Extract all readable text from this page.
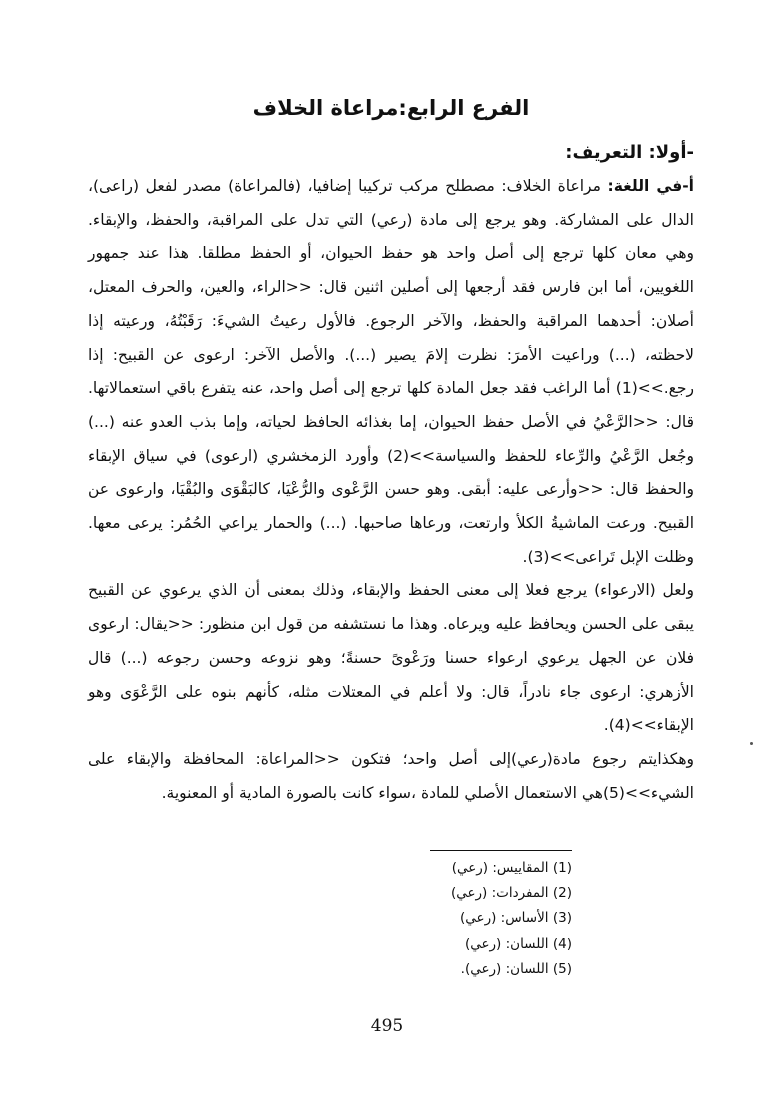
الفرع الرابع:مراعاة الخلاف
-أولا: التعريف:

أ-في اللغة: مراعاة الخلاف: مصطلح مركب تركيبا إضافيا، (فالمراعاة) مصدر لفعل (راعى)، الدال على المشاركة. وهو يرجع إلى مادة (رعي) التي تدل على المراقبة، والحفظ، والإبقاء. وهي معان كلها ترجع إلى أصل واحد هو حفظ الحيوان، أو الحفظ مطلقا. هذا عند جمهور اللغويين، أما ابن فارس فقد أرجعها إلى أصلين اثنين قال: <<الراء، والعين، والحرف المعتل، أصلان: أحدهما المراقبة والحفظ، والآخر الرجوع. فالأول رعيتُ الشيءَ: رَقَبْتُهُ، ورعيته إذا لاحظته، (...) وراعيت الأمرَ: نظرت إلامَ يصير (...). والأصل الآخر: ارعوى عن القبيح: إذا رجع.>>(1) أما الراغب فقد جعل المادة كلها ترجع إلى أصل واحد، عنه يتفرع باقي استعمالاتها. قال: <<الرَّعْيُ في الأصل حفظ الحيوان، إما بغذائه الحافظ لحياته، وإما بذب العدو عنه (...) وجُعل الرَّعْيُ والرِّعاء للحفظ والسياسة>>(2) وأورد الزمخشري (ارعوى) في سياق الإبقاء والحفظ قال: <<وأرعى عليه: أبقى. وهو حسن الرَّعْوى والرُّعْيَا، كالبَقْوَى والبُقْيَا، وارعوى عن القبيح. ورعت الماشيةُ الكلأ وارتعت، ورعاها صاحبها. (...) والحمار يراعي الحُمُر: يرعى معها. وظلت الإبل تَراعى>>(3).

ولعل (الارعواء) يرجع فعلا إلى معنى الحفظ والإبقاء، وذلك بمعنى أن الذي يرعوي عن القبيح يبقى على الحسن ويحافظ عليه ويرعاه. وهذا ما نستشفه من قول ابن منظور: <<يقال: ارعوى فلان عن الجهل يرعوي ارعواء حسنا ورَعْوىً حسنةً؛ وهو نزوعه وحسن رجوعه (...) قال الأزهري: ارعوى جاء نادراً، قال: ولا أعلم في المعتلات مثله، كأنهم بنوه على الرَّعْوَى وهو الإبقاء>>(4).

وهكذايتم رجوع مادة(رعي)إلى أصل واحد؛ فتكون <<المراعاة: المحافظة والإبقاء على الشيء>>(5)هي الاستعمال الأصلي للمادة ،سواء كانت بالصورة المادية أو المعنوية.

(1) المقاييس: (رعي)
(2) المفردات: (رعي)
(3) الأساس: (رعي)
(4) اللسان: (رعي)
(5) اللسان: (رعي).
495
